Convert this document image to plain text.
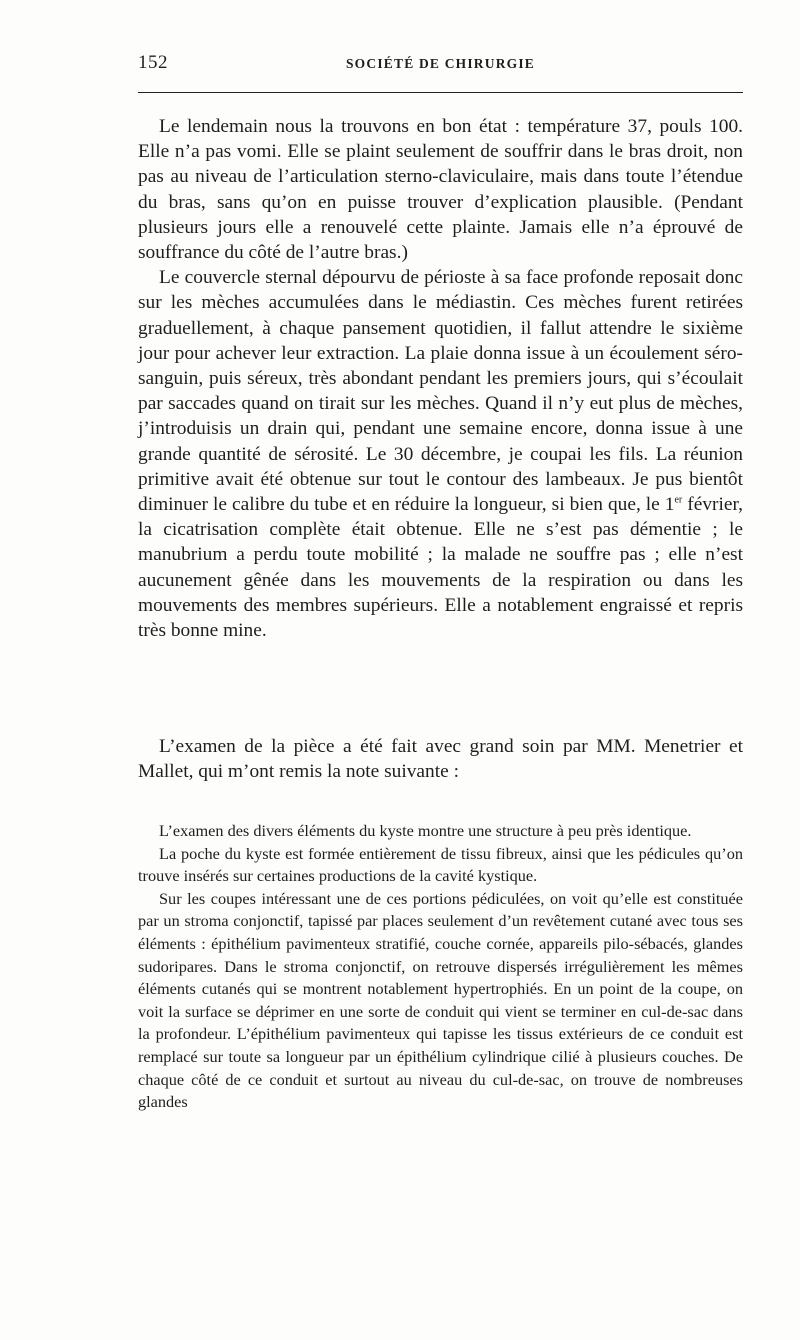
152	SOCIÉTÉ DE CHIRURGIE

Le lendemain nous la trouvons en bon état : température 37, pouls 100. Elle n’a pas vomi. Elle se plaint seulement de souffrir dans le bras droit, non pas au niveau de l’articulation sterno-claviculaire, mais dans toute l’étendue du bras, sans qu’on en puisse trouver d’explication plausible. (Pendant plusieurs jours elle a renouvelé cette plainte. Jamais elle n’a éprouvé de souffrance du côté de l’autre bras.)

Le couvercle sternal dépourvu de périoste à sa face profonde reposait donc sur les mèches accumulées dans le médiastin. Ces mèches furent retirées graduellement, à chaque pansement quotidien, il fallut attendre le sixième jour pour achever leur extraction. La plaie donna issue à un écoulement séro-sanguin, puis séreux, très abondant pendant les premiers jours, qui s’écoulait par saccades quand on tirait sur les mèches. Quand il n’y eut plus de mèches, j’introduisis un drain qui, pendant une semaine encore, donna issue à une grande quantité de sérosité. Le 30 décembre, je coupai les fils. La réunion primitive avait été obtenue sur tout le contour des lambeaux. Je pus bientôt diminuer le calibre du tube et en réduire la longueur, si bien que, le 1er février, la cicatrisation complète était obtenue. Elle ne s’est pas démentie ; le manubrium a perdu toute mobilité ; la malade ne souffre pas ; elle n’est aucunement gênée dans les mouvements de la respiration ou dans les mouvements des membres supérieurs. Elle a notablement engraissé et repris très bonne mine.

L’examen de la pièce a été fait avec grand soin par MM. Menetrier et Mallet, qui m’ont remis la note suivante :

L’examen des divers éléments du kyste montre une structure à peu près identique.

La poche du kyste est formée entièrement de tissu fibreux, ainsi que les pédicules qu’on trouve insérés sur certaines productions de la cavité kystique.

Sur les coupes intéressant une de ces portions pédiculées, on voit qu’elle est constituée par un stroma conjonctif, tapissé par places seulement d’un revêtement cutané avec tous ses éléments : épithélium pavimenteux stratifié, couche cornée, appareils pilo-sébacés, glandes sudoripares. Dans le stroma conjonctif, on retrouve dispersés irrégulièrement les mêmes éléments cutanés qui se montrent notablement hypertrophiés. En un point de la coupe, on voit la surface se déprimer en une sorte de conduit qui vient se terminer en cul-de-sac dans la profondeur. L’épithélium pavimenteux qui tapisse les tissus extérieurs de ce conduit est remplacé sur toute sa longueur par un épithélium cylindrique cilié à plusieurs couches. De chaque côté de ce conduit et surtout au niveau du cul-de-sac, on trouve de nombreuses glandes
